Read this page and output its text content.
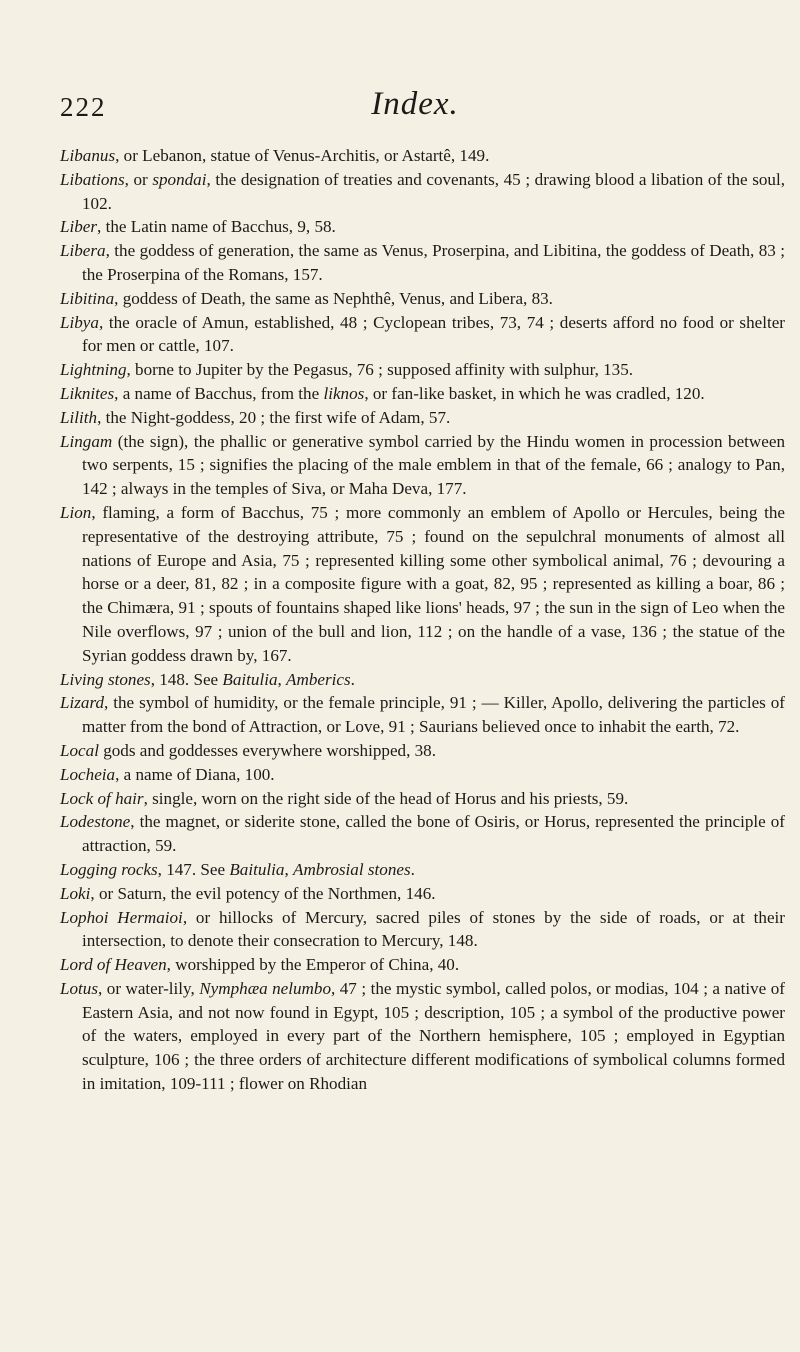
222	Index.

Libanus, or Lebanon, statue of Venus-Architis, or Astartê, 149.

Libations, or spondai, the designation of treaties and covenants, 45 ; drawing blood a libation of the soul, 102.

Liber, the Latin name of Bacchus, 9, 58.

Libera, the goddess of generation, the same as Venus, Proserpina, and Libitina, the goddess of Death, 83 ; the Proserpina of the Romans, 157.

Libitina, goddess of Death, the same as Nephthê, Venus, and Libera, 83.

Libya, the oracle of Amun, established, 48 ; Cyclopean tribes, 73, 74 ; deserts afford no food or shelter for men or cattle, 107.

Lightning, borne to Jupiter by the Pegasus, 76 ; supposed affinity with sulphur, 135.

Liknites, a name of Bacchus, from the liknos, or fan-like basket, in which he was cradled, 120.

Lilith, the Night-goddess, 20 ; the first wife of Adam, 57.

Lingam (the sign), the phallic or generative symbol carried by the Hindu women in procession between two serpents, 15 ; signifies the placing of the male emblem in that of the female, 66 ; analogy to Pan, 142 ; always in the temples of Siva, or Maha Deva, 177.

Lion, flaming, a form of Bacchus, 75 ; more commonly an emblem of Apollo or Hercules, being the representative of the destroying attribute, 75 ; found on the sepulchral monuments of almost all nations of Europe and Asia, 75 ; represented killing some other symbolical animal, 76 ; devouring a horse or a deer, 81, 82 ; in a composite figure with a goat, 82, 95 ; represented as killing a boar, 86 ; the Chimæra, 91 ; spouts of fountains shaped like lions' heads, 97 ; the sun in the sign of Leo when the Nile overflows, 97 ; union of the bull and lion, 112 ; on the handle of a vase, 136 ; the statue of the Syrian goddess drawn by, 167.

Living stones, 148. See Baitulia, Amberics.

Lizard, the symbol of humidity, or the female principle, 91 ; — Killer, Apollo, delivering the particles of matter from the bond of Attraction, or Love, 91 ; Saurians believed once to inhabit the earth, 72.

Local gods and goddesses everywhere worshipped, 38.

Locheia, a name of Diana, 100.

Lock of hair, single, worn on the right side of the head of Horus and his priests, 59.

Lodestone, the magnet, or siderite stone, called the bone of Osiris, or Horus, represented the principle of attraction, 59.

Logging rocks, 147. See Baitulia, Ambrosial stones.

Loki, or Saturn, the evil potency of the Northmen, 146.

Lophoi Hermaioi, or hillocks of Mercury, sacred piles of stones by the side of roads, or at their intersection, to denote their consecration to Mercury, 148.

Lord of Heaven, worshipped by the Emperor of China, 40.

Lotus, or water-lily, Nymphæa nelumbo, 47 ; the mystic symbol, called polos, or modias, 104 ; a native of Eastern Asia, and not now found in Egypt, 105 ; description, 105 ; a symbol of the productive power of the waters, employed in every part of the Northern hemisphere, 105 ; employed in Egyptian sculpture, 106 ; the three orders of architecture different modifications of symbolical columns formed in imitation, 109-111 ; flower on Rhodian
